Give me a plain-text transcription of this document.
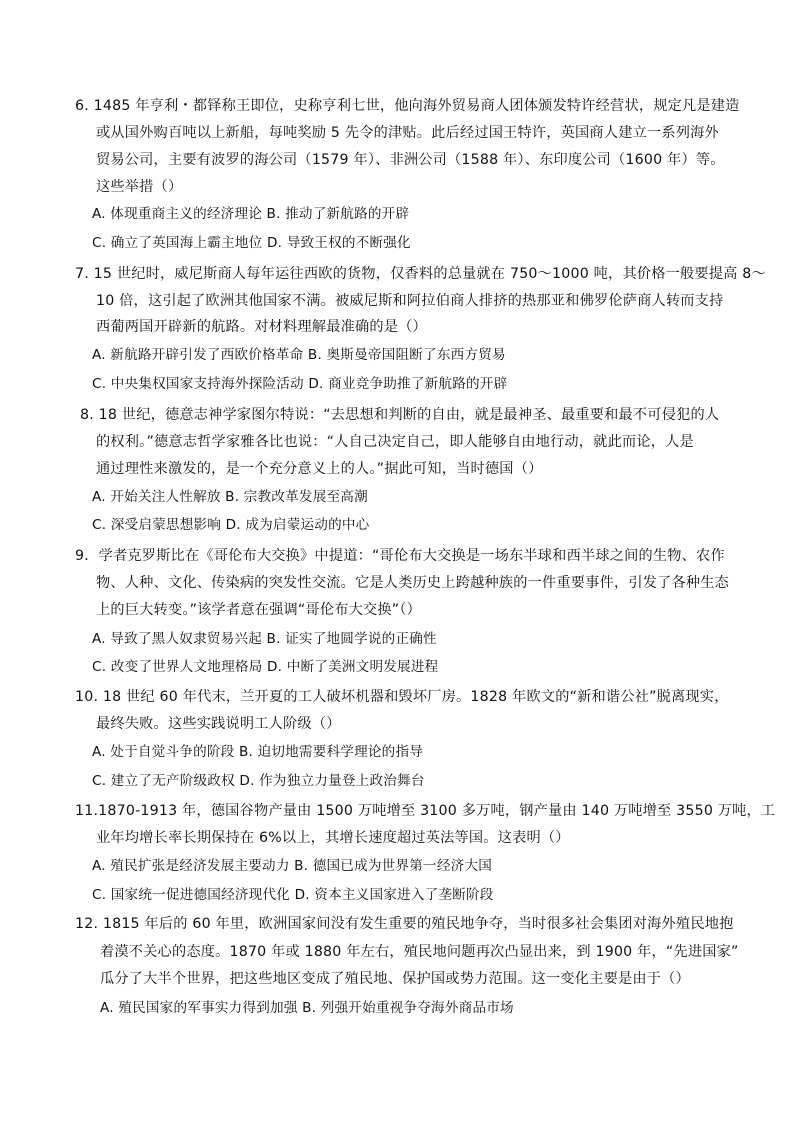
6. 1485 年亨利・都铎称王即位，史称亨利七世，他向海外贸易商人团体颁发特许经营状，规定凡是建造
或从国外购百吨以上新船，每吨奖励 5 先令的津贴。此后经过国王特许，英国商人建立一系列海外
贸易公司，主要有波罗的海公司（1579 年）、非洲公司（1588 年）、东印度公司（1600 年）等。
这些举措（）
A. 体现重商主义的经济理论 B. 推动了新航路的开辟
C. 确立了英国海上霸主地位 D. 导致王权的不断强化
7. 15 世纪时，威尼斯商人每年运往西欧的货物，仅香料的总量就在 750～1000 吨，其价格一般要提高 8～
10 倍，这引起了欧洲其他国家不满。被威尼斯和阿拉伯商人排挤的热那亚和佛罗伦萨商人转而支持
西葡两国开辟新的航路。对材料理解最准确的是（）
A. 新航路开辟引发了西欧价格革命 B. 奥斯曼帝国阻断了东西方贸易
C. 中央集权国家支持海外探险活动 D. 商业竞争助推了新航路的开辟
8. 18 世纪，德意志神学家图尔特说：“去思想和判断的自由，就是最神圣、最重要和最不可侵犯的人
的权利。”德意志哲学家雅各比也说：“人自己决定自己，即人能够自由地行动，就此而论，人是
通过理性来激发的，是一个充分意义上的人。”据此可知，当时德国（）
A. 开始关注人性解放 B. 宗教改革发展至高潮
C. 深受启蒙思想影响 D. 成为启蒙运动的中心
9．学者克罗斯比在《哥伦布大交换》中提道：“哥伦布大交换是一场东半球和西半球之间的生物、农作
物、人种、文化、传染病的突发性交流。它是人类历史上跨越种族的一件重要事件，引发了各种生态
上的巨大转变。”该学者意在强调“哥伦布大交换”（）
A. 导致了黑人奴隶贸易兴起 B. 证实了地圆学说的正确性
C. 改变了世界人文地理格局 D. 中断了美洲文明发展进程
10. 18 世纪 60 年代末，兰开夏的工人破坏机器和毁坏厂房。1828 年欧文的“新和谐公社”脱离现实，
最终失败。这些实践说明工人阶级（）
A. 处于自觉斗争的阶段 B. 迫切地需要科学理论的指导
C. 建立了无产阶级政权 D. 作为独立力量登上政治舞台
11.1870-1913 年，德国谷物产量由 1500 万吨增至 3100 多万吨，钢产量由 140 万吨增至 3550 万吨，工
业年均增长率长期保持在 6%以上，其增长速度超过英法等国。这表明（）
A. 殖民扩张是经济发展主要动力 B. 德国已成为世界第一经济大国
C. 国家统一促进德国经济现代化 D. 资本主义国家进入了垄断阶段
12. 1815 年后的 60 年里，欧洲国家间没有发生重要的殖民地争夺，当时很多社会集团对海外殖民地抱
着漠不关心的态度。1870 年或 1880 年左右，殖民地问题再次凸显出来，到 1900 年，“先进国家”
瓜分了大半个世界，把这些地区变成了殖民地、保护国或势力范围。这一变化主要是由于（）
A. 殖民国家的军事实力得到加强 B. 列强开始重视争夺海外商品市场
